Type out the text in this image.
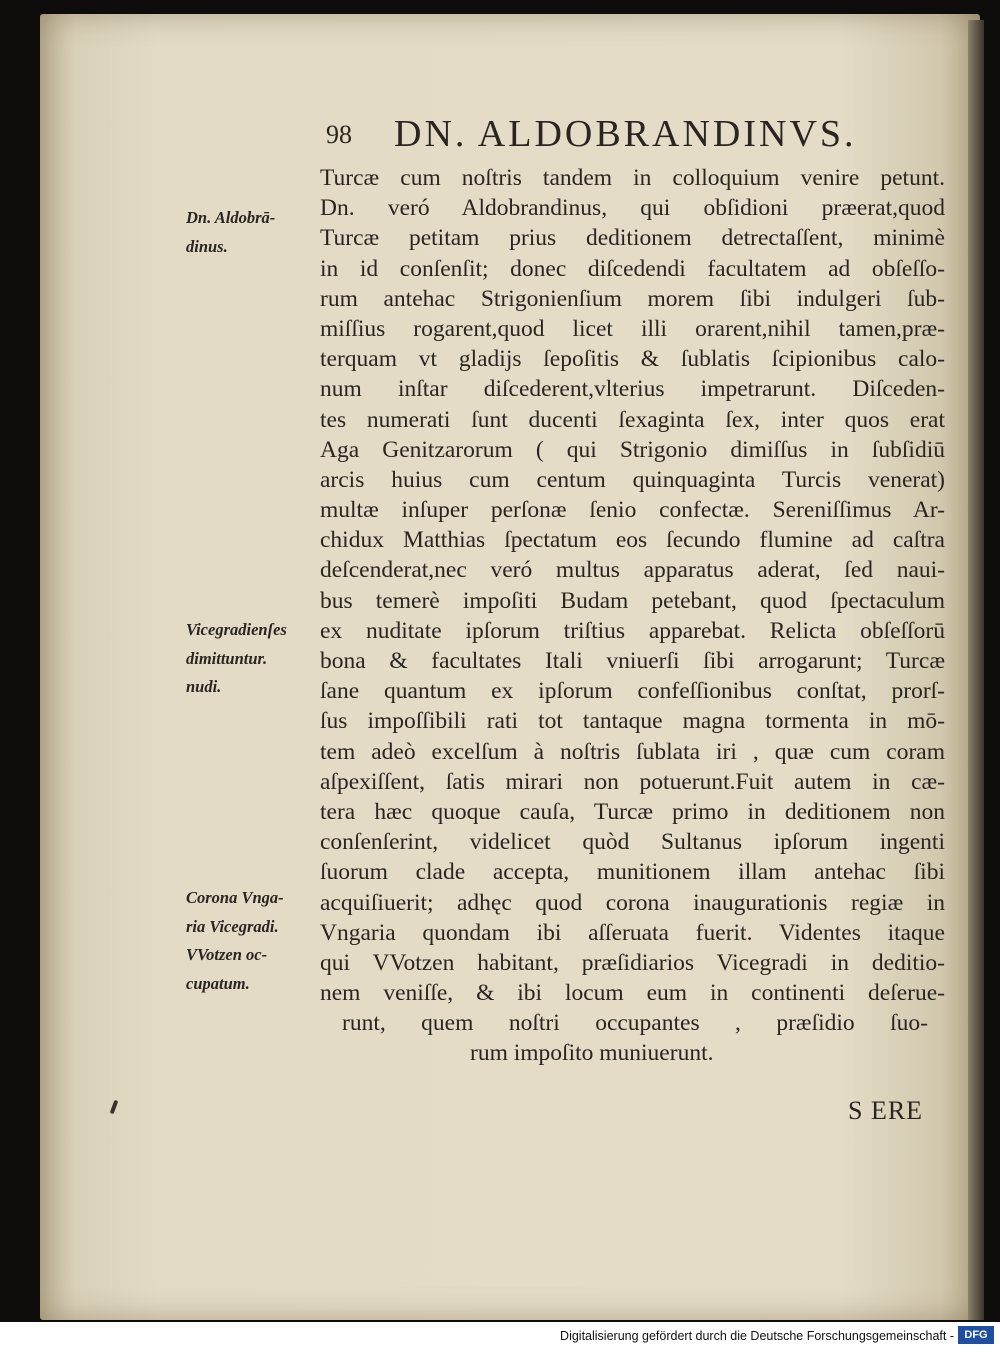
98 DN. ALDOBRANDINVS.
Turcæ cum noſtris tandem in colloquium venire petunt.
Dn. veró Aldobrandinus, qui obſidioni præerat,quod
Turcæ petitam prius deditionem detrectaſſent, minimè
in id conſenſit; donec diſcedendi facultatem ad obſeſſo-
rum antehac Strigonienſium morem ſibi indulgeri ſub-
miſſius rogarent,quod licet illi orarent,nihil tamen,præ-
terquam vt gladijs ſepoſitis & ſublatis ſcipionibus calo-
num inſtar diſcederent,vlterius impetrarunt. Diſceden-
tes numerati ſunt ducenti ſexaginta ſex, inter quos erat
Aga Genitzarorum ( qui Strigonio dimiſſus in ſubſidiū
arcis huius cum centum quinquaginta Turcis venerat)
multæ inſuper perſonæ ſenio confectæ. Sereniſſimus Ar-
chidux Matthias ſpectatum eos ſecundo flumine ad caſtra
deſcenderat,nec veró multus apparatus aderat, ſed naui-
bus temerè impoſiti Budam petebant, quod ſpectaculum
ex nuditate ipſorum triſtius apparebat. Relicta obſeſſorū
bona & facultates Itali vniuerſi ſibi arrogarunt; Turcæ
ſane quantum ex ipſorum confeſſionibus conſtat, prorſ-
ſus impoſſibili rati tot tantaque magna tormenta in mō-
tem adeò excelſum à noſtris ſublata iri , quæ cum coram
aſpexiſſent, ſatis mirari non potuerunt.Fuit autem in cæ-
tera hæc quoque cauſa, Turcæ primo in deditionem non
conſenſerint, videlicet quòd Sultanus ipſorum ingenti
ſuorum clade accepta, munitionem illam antehac ſibi
acquiſiuerit; adhęc quod corona inaugurationis regiæ in
Vngaria quondam ibi aſſeruata fuerit. Videntes itaque
qui VVotzen habitant, præſidiarios Vicegradi in deditio-
nem veniſſe, & ibi locum eum in continenti deſerue-
runt, quem noſtri occupantes , præſidio ſuo-
rum impoſito muniuerunt.
Dn. Aldobrā-
dinus.
Vicegradienſes
dimittuntur.
nudi.
Corona Vnga-
ria Vicegradi.
VVotzen oc-
cupatum.
S ERE
Digitalisierung gefördert durch die Deutsche Forschungsgemeinschaft - DFG
